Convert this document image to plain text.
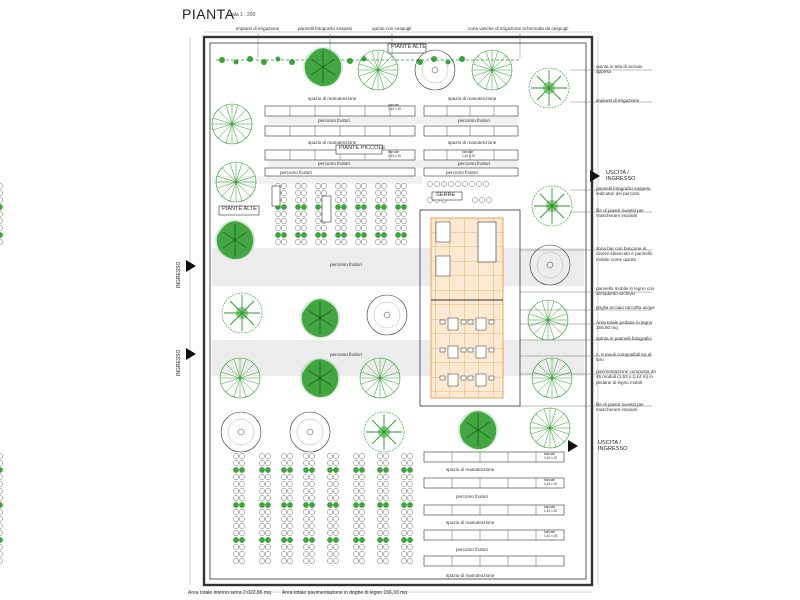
PIANTA
scala 1 : 200
impianti di irrigazione	pannelli fotografici sospesi	quinta con cespugli	zona vasche di irrigazione schermata da cespugli
PIANTE ALTE
PIANTE PICCOLE
PIANTE ALTE
SERRE
spazio di manutenzione	spazio di manutenzione
percorso fruitori	percorso fruitori
spazio di manutenzione	spazio di manutenzione
percorso fruitori	percorso fruitori
percorso fruitori	percorso fruitori
percorso fruitori
percorso fruitori
spazio di manutenzione
percorso fruitori
spazio di manutenzione
percorso fruitori
spazio di manutenzione
bancale
1,44 x 20
bancale
1,44 x 20
bancale
1,44 x 20
bancale
1,44 x 20
bancale
1,44 x 20
bancale
1,44 x 20
bancale
1,44 x 20
quinta in tela di acciaio appesa
impianti di irrigazione
pannelli fotografici sospesi indicatori dei percorsi
file di piastri rivestiti per mascherare impianti
zona bar con bancone in rovere sbiancato e pannello mobile come quinta
pannello mobile in legno con armadietto-archivio
griglia acciaio raccolta acque
Area totale pedane in legno 156,60 mq
quinta in pannelli fotografici
n. 6 tavoli componibili tra di loro
pavimentazione composta da 45 moduli (1,63 x 2,14 m) in pedane di legno mobili
file di piastri rivestiti per mascherare impianti
INGRESSO
INGRESSO
USCITA / INGRESSO
USCITA / INGRESSO
Area totale interno serra 2.022,86 mq Area totale pavimentazione in doghe di legno 156,33 mq
